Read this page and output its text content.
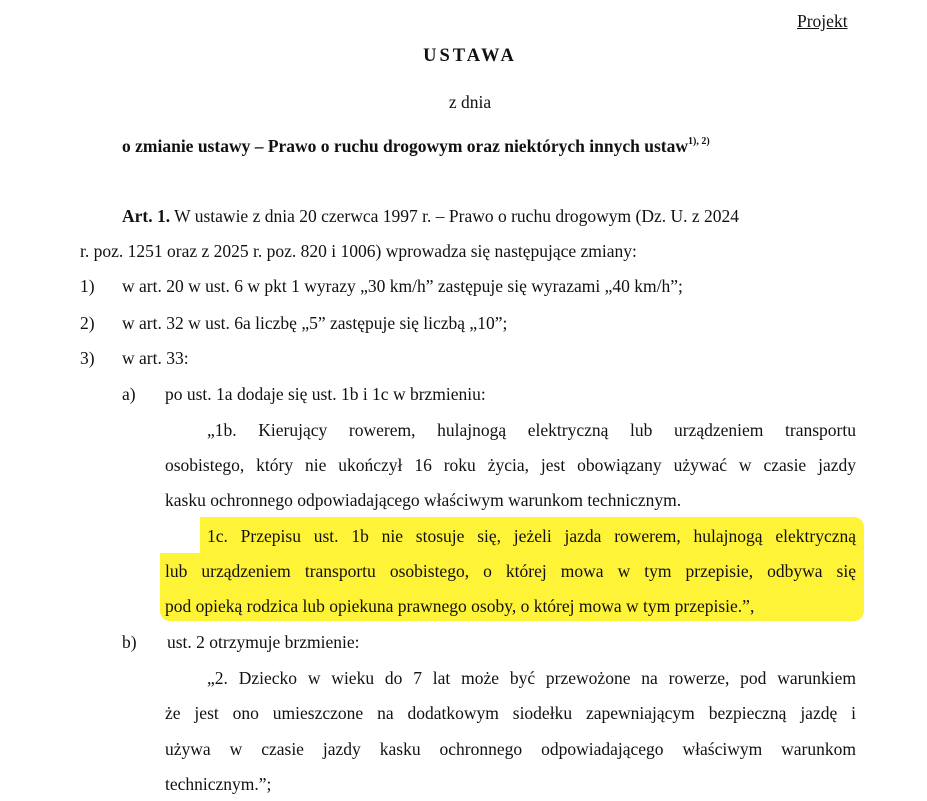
Projekt
USTAWA
z dnia
o zmianie ustawy – Prawo o ruchu drogowym oraz niektórych innych ustaw$^{1), 2)}$
Art. 1. W ustawie z dnia 20 czerwca 1997 r. – Prawo o ruchu drogowym (Dz. U. z 2024
r. poz. 1251 oraz z 2025 r. poz. 820 i 1006) wprowadza się następujące zmiany:
1) w art. 20 w ust. 6 w pkt 1 wyrazy „30 km/h” zastępuje się wyrazami „40 km/h”;
2) w art. 32 w ust. 6a liczbę „5” zastępuje się liczbą „10”;
3) w art. 33:
a) po ust. 1a dodaje się ust. 1b i 1c w brzmieniu:
„1b. Kierujący rowerem, hulajnogą elektryczną lub urządzeniem transportu
osobistego, który nie ukończył 16 roku życia, jest obowiązany używać w czasie jazdy
kasku ochronnego odpowiadającego właściwym warunkom technicznym.
1c. Przepisu ust. 1b nie stosuje się, jeżeli jazda rowerem, hulajnogą elektryczną
lub urządzeniem transportu osobistego, o której mowa w tym przepisie, odbywa się
pod opieką rodzica lub opiekuna prawnego osoby, o której mowa w tym przepisie.”,
b) ust. 2 otrzymuje brzmienie:
„2. Dziecko w wieku do 7 lat może być przewożone na rowerze, pod warunkiem
że jest ono umieszczone na dodatkowym siodełku zapewniającym bezpieczną jazdę i
używa w czasie jazdy kasku ochronnego odpowiadającego właściwym warunkom
technicznym.”;
